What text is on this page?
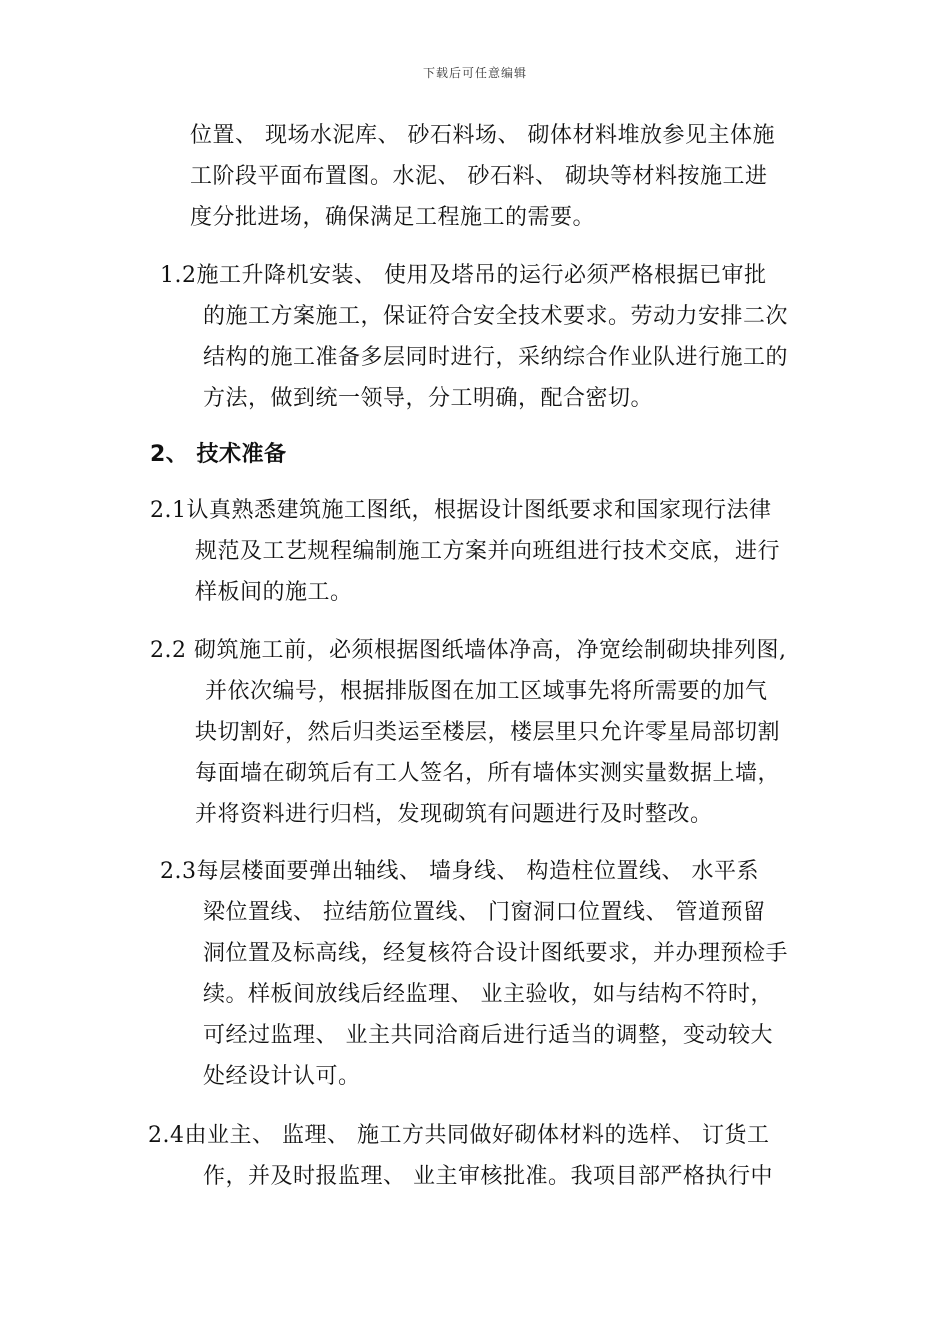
下载后可任意编辑
位置、 现场水泥库、 砂石料场、 砌体材料堆放参见主体施
工阶段平面布置图。水泥、 砂石料、 砌块等材料按施工进
度分批进场，确保满足工程施工的需要。
1.2施工升降机安装、 使用及塔吊的运行必须严格根据已审批
的施工方案施工，保证符合安全技术要求。劳动力安排二次
结构的施工准备多层同时进行，采纳综合作业队进行施工的
方法，做到统一领导，分工明确，配合密切。
2、 技术准备
2.1认真熟悉建筑施工图纸，根据设计图纸要求和国家现行法律
规范及工艺规程编制施工方案并向班组进行技术交底，进行
样板间的施工。
2.2 砌筑施工前，必须根据图纸墙体净高，净宽绘制砌块排列图,
并依次编号，根据排版图在加工区域事先将所需要的加气
块切割好，然后归类运至楼层，楼层里只允许零星局部切割
每面墙在砌筑后有工人签名，所有墙体实测实量数据上墙，
并将资料进行归档，发现砌筑有问题进行及时整改。
2.3每层楼面要弹出轴线、 墙身线、 构造柱位置线、 水平系
梁位置线、 拉结筋位置线、 门窗洞口位置线、 管道预留
洞位置及标高线，经复核符合设计图纸要求，并办理预检手
续。样板间放线后经监理、 业主验收，如与结构不符时，
可经过监理、 业主共同洽商后进行适当的调整，变动较大
处经设计认可。
2.4由业主、 监理、 施工方共同做好砌体材料的选样、 订货工
作，并及时报监理、 业主审核批准。我项目部严格执行中
